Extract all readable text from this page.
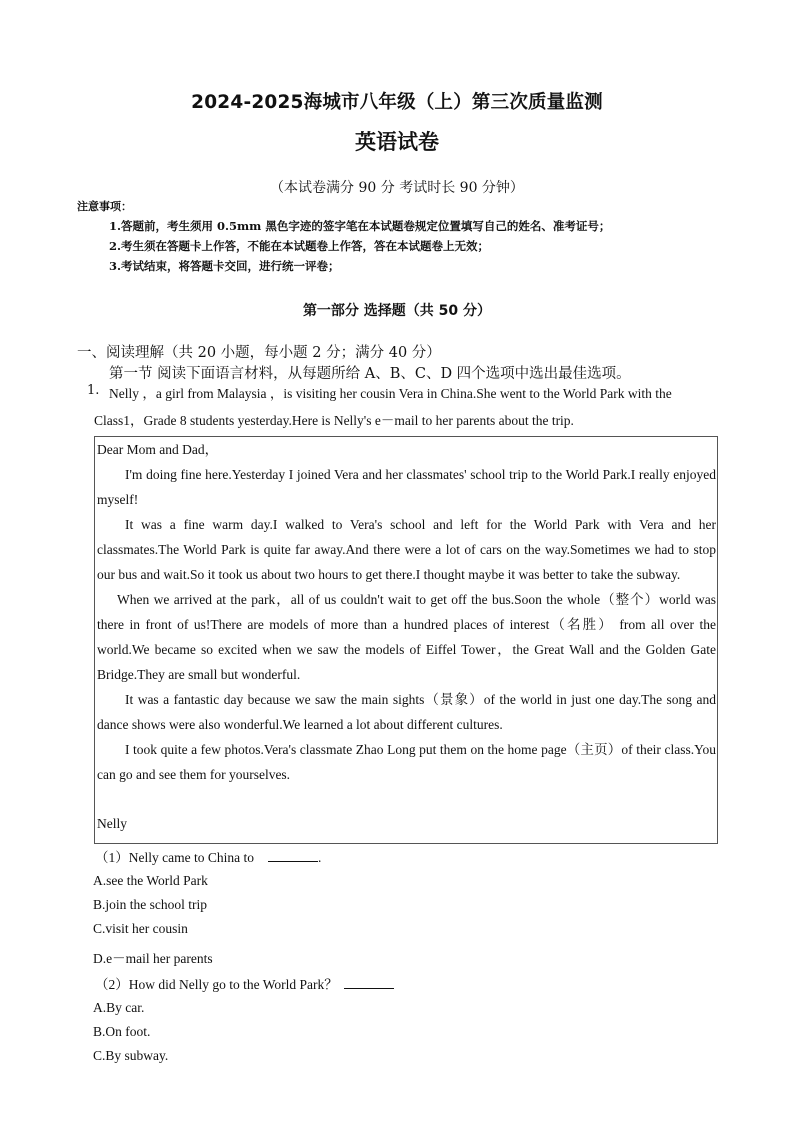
2024-2025海城市八年级（上）第三次质量监测
英语试卷
（本试卷满分 90 分 考试时长 90 分钟）
注意事项：
1.答题前，考生须用 0.5mm 黑色字迹的签字笔在本试题卷规定位置填写自己的姓名、准考证号；
2.考生须在答题卡上作答，不能在本试题卷上作答，答在本试题卷上无效；
3.考试结束，将答题卡交回，进行统一评卷；
第一部分 选择题（共 50 分）
一、阅读理解（共 20 小题，每小题 2 分；满分 40 分）
第一节 阅读下面语言材料，从每题所给 A、B、C、D 四个选项中选出最佳选项。
1. Nelly ，a girl from Malaysia ，is visiting her cousin Vera in China.She went to the World Park with the
Class1，Grade 8 students yesterday.Here is Nelly's e－mail to her parents about the trip.

Dear Mom and Dad，

I'm doing fine here.Yesterday I joined Vera and her classmates' school trip to the World Park.I really enjoyed myself!

It was a fine warm day.I walked to Vera's school and left for the World Park with Vera and her classmates.The World Park is quite far away.And there were a lot of cars on the way.Sometimes we had to stop our bus and wait.So it took us about two hours to get there.I thought maybe it was better to take the subway.

When we arrived at the park，all of us couldn't wait to get off the bus.Soon the whole（整个）world was there in front of us!There are models of more than a hundred places of interest（名胜） from all over the world.We became so excited when we saw the models of Eiffel Tower，the Great Wall and the Golden Gate Bridge.They are small but wonderful.

It was a fantastic day because we saw the main sights（景象）of the world in just one day.The song and dance shows were also wonderful.We learned a lot about different cultures.

I took quite a few photos.Vera's classmate Zhao Long put them on the home page（主页）of their class.You can go and see them for yourselves.

Nelly

（1）Nelly came to China to	.
A.see the World Park
B.join the school trip
C.visit her cousin
D.e－mail her parents
（2）How did Nelly go to the World Park？
A.By car.
B.On foot.
C.By subway.
